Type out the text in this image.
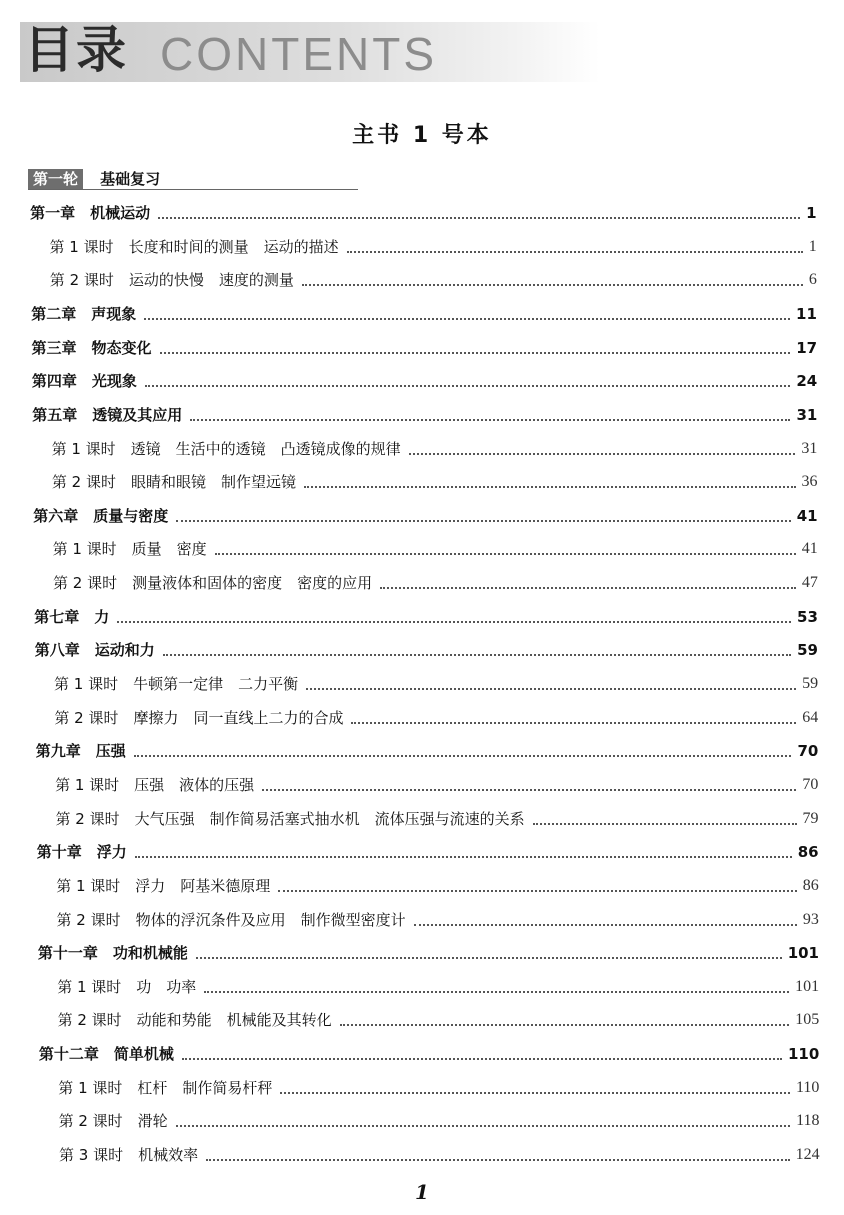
目录 CONTENTS
主书 1 号本
第一轮 基础复习
第一章　机械运动	1
第 1 课时　长度和时间的测量　运动的描述	1
第 2 课时　运动的快慢　速度的测量	6
第二章　声现象	11
第三章　物态变化	17
第四章　光现象	24
第五章　透镜及其应用	31
第 1 课时　透镜　生活中的透镜　凸透镜成像的规律	31
第 2 课时　眼睛和眼镜　制作望远镜	36
第六章　质量与密度	41
第 1 课时　质量　密度	41
第 2 课时　测量液体和固体的密度　密度的应用	47
第七章　力	53
第八章　运动和力	59
第 1 课时　牛顿第一定律　二力平衡	59
第 2 课时　摩擦力　同一直线上二力的合成	64
第九章　压强	70
第 1 课时　压强　液体的压强	70
第 2 课时　大气压强　制作简易活塞式抽水机　流体压强与流速的关系	79
第十章　浮力	86
第 1 课时　浮力　阿基米德原理	86
第 2 课时　物体的浮沉条件及应用　制作微型密度计	93
第十一章　功和机械能	101
第 1 课时　功　功率	101
第 2 课时　动能和势能　机械能及其转化	105
第十二章　简单机械	110
第 1 课时　杠杆　制作简易杆秤	110
第 2 课时　滑轮	118
第 3 课时　机械效率	124
1
